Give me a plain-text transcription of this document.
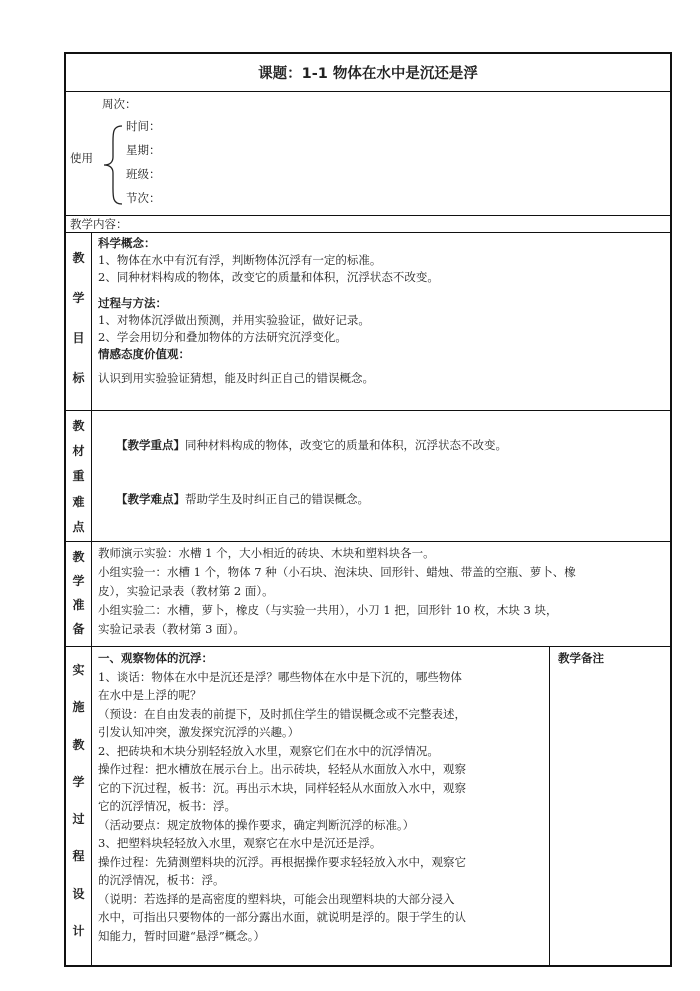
课题：1-1 物体在水中是沉还是浮
周次：
使用
时间：
星期：
班级：
节次：
教学内容：
教
学
目
标

科学概念：

1、物体在水中有沉有浮，判断物体沉浮有一定的标准。

2、同种材料构成的物体，改变它的质量和体积，沉浮状态不改变。

过程与方法：

1、对物体沉浮做出预测，并用实验验证，做好记录。

2、学会用切分和叠加物体的方法研究沉浮变化。

情感态度价值观：

认识到用实验验证猜想，能及时纠正自己的错误概念。

教
材
重
难
点

【教学重点】同种材料构成的物体，改变它的质量和体积，沉浮状态不改变。

【教学难点】帮助学生及时纠正自己的错误概念。

教
学
准
备

教师演示实验：水槽 1 个，大小相近的砖块、木块和塑料块各一。

小组实验一：水槽 1 个，物体 7 种（小石块、泡沫块、回形针、蜡烛、带盖的空瓶、萝卜、橡

皮），实验记录表（教材第 2 面）。

小组实验二：水槽，萝卜，橡皮（与实验一共用），小刀 1 把，回形针 10 枚，木块 3 块，

实验记录表（教材第 3 面）。

实
施
教
学
过
程
设
计

一、观察物体的沉浮：

1、谈话：物体在水中是沉还是浮？哪些物体在水中是下沉的，哪些物体

在水中是上浮的呢？

（预设：在自由发表的前提下，及时抓住学生的错误概念或不完整表述，

引发认知冲突，激发探究沉浮的兴趣。）

2、把砖块和木块分别轻轻放入水里，观察它们在水中的沉浮情况。

操作过程：把水槽放在展示台上。出示砖块，轻轻从水面放入水中，观察

它的下沉过程，板书：沉。再出示木块，同样轻轻从水面放入水中，观察

它的沉浮情况，板书：浮。

（活动要点：规定放物体的操作要求，确定判断沉浮的标准。）

3、把塑料块轻轻放入水里，观察它在水中是沉还是浮。

操作过程：先猜测塑料块的沉浮。再根据操作要求轻轻放入水中，观察它

的沉浮情况，板书：浮。

（说明：若选择的是高密度的塑料块，可能会出现塑料块的大部分浸入

水中，可指出只要物体的一部分露出水面，就说明是浮的。限于学生的认

知能力，暂时回避“悬浮”概念。）

教学备注
